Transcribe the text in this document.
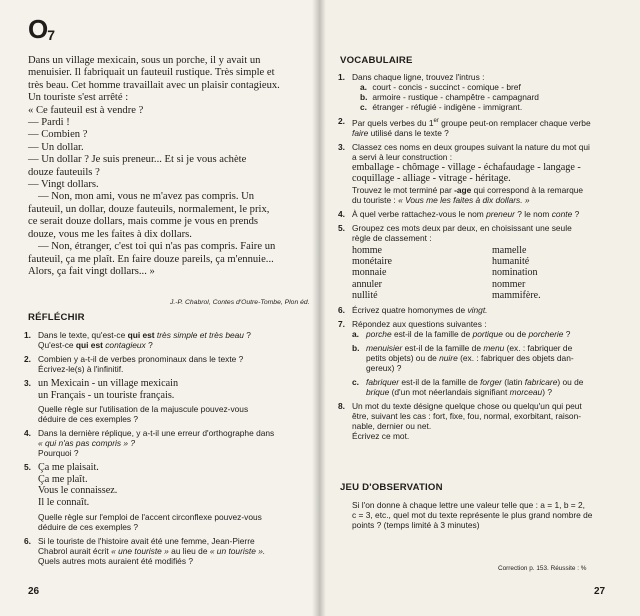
O7

Dans un village mexicain, sous un porche, il y avait un

menuisier. Il fabriquait un fauteuil rustique. Très simple et

très beau. Cet homme travaillait avec un plaisir contagieux.

Un touriste s'est arrêté :

« Ce fauteuil est à vendre ?

— Pardi !

— Combien ?

— Un dollar.

— Un dollar ? Je suis preneur... Et si je vous achète

douze fauteuils ?

— Vingt dollars.

— Non, mon ami, vous ne m'avez pas compris. Un

fauteuil, un dollar, douze fauteuils, normalement, le prix,

ce serait douze dollars, mais comme je vous en prends

douze, vous me les faites à dix dollars.

— Non, étranger, c'est toi qui n'as pas compris. Faire un

fauteuil, ça me plaît. En faire douze pareils, ça m'ennuie...

Alors, ça fait vingt dollars... »

J.-P. Chabrol, Contes d'Outre-Tombe, Plon éd.
RÉFLÉCHIR
1. Dans le texte, qu'est-ce qui est très simple et très beau ?
Qu'est-ce qui est contagieux ?
2. Combien y a-t-il de verbes pronominaux dans le texte ?
Écrivez-le(s) à l'infinitif.
3. un Mexicain - un village mexicain
un Français - un touriste français.
Quelle règle sur l'utilisation de la majuscule pouvez-vous
déduire de ces exemples ?
4. Dans la dernière réplique, y a-t-il une erreur d'orthographe dans
« qui n'as pas compris » ?
Pourquoi ?
5. Ça me plaisait.
Ça me plaît.
Vous le connaissez.
Il le connaît.
Quelle règle sur l'emploi de l'accent circonflexe pouvez-vous
déduire de ces exemples ?
6. Si le touriste de l'histoire avait été une femme, Jean-Pierre
Chabrol aurait écrit « une touriste » au lieu de « un touriste ».
Quels autres mots auraient été modifiés ?
26
VOCABULAIRE
1. Dans chaque ligne, trouvez l'intrus :
a. court - concis - succinct - comique - bref
b. armoire - rustique - champêtre - campagnard
c. étranger - réfugié - indigène - immigrant.
2. Par quels verbes du 1er groupe peut-on remplacer chaque verbe
faire utilisé dans le texte ?
3. Classez ces noms en deux groupes suivant la nature du mot qui
a servi à leur construction :
emballage - chômage - village - échafaudage - langage -
coquillage - alliage - vitrage - héritage.
Trouvez le mot terminé par -age qui correspond à la remarque
du touriste : « Vous me les faites à dix dollars. »
4. À quel verbe rattachez-vous le nom preneur ? le nom conte ?
5. Groupez ces mots deux par deux, en choisissant une seule
règle de classement :
homme	mamelle
monétaire	humanité
monnaie	nomination
annuler	nommer
nullité	mammifère.
6. Écrivez quatre homonymes de vingt.
7. Répondez aux questions suivantes :
a. porche est-il de la famille de portique ou de porcherie ?
b. menuisier est-il de la famille de menu (ex. : fabriquer de
petits objets) ou de nuire (ex. : fabriquer des objets dan-
gereux) ?
c. fabriquer est-il de la famille de forger (latin fabricare) ou de
brique (d'un mot néerlandais signifiant morceau) ?
8. Un mot du texte désigne quelque chose ou quelqu'un qui peut
être, suivant les cas : fort, fixe, fou, normal, exorbitant, raison-
nable, dernier ou net.
Écrivez ce mot.
JEU D'OBSERVATION
Si l'on donne à chaque lettre une valeur telle que : a = 1, b = 2,
c = 3, etc., quel mot du texte représente le plus grand nombre de
points ? (temps limité à 3 minutes)
Correction p. 153. Réussite : %
27
